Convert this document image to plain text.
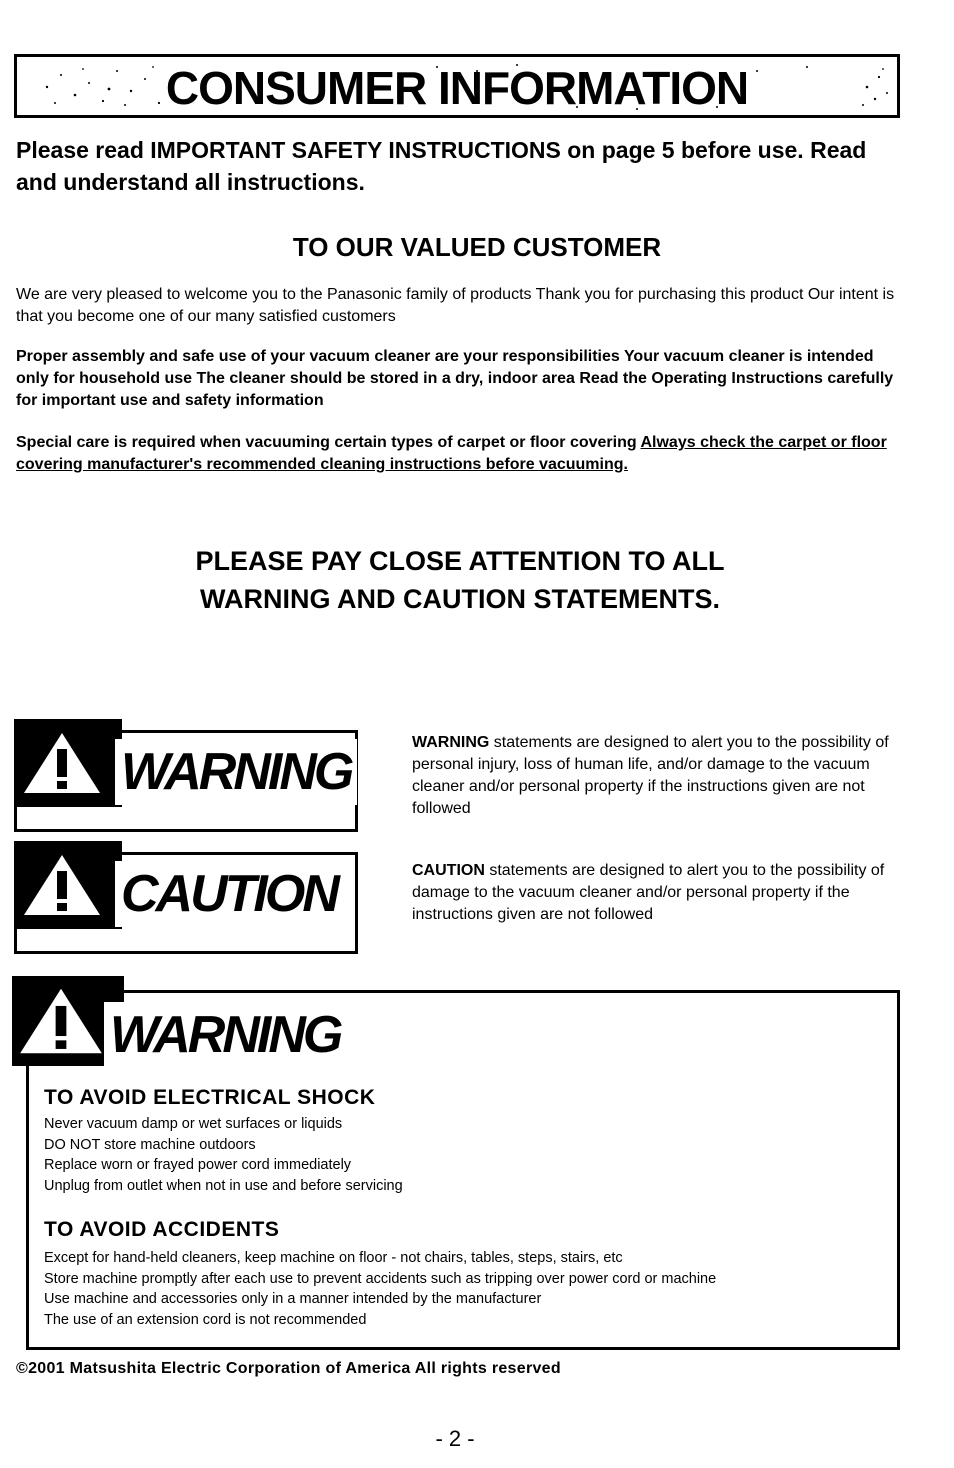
CONSUMER INFORMATION

Please read IMPORTANT SAFETY INSTRUCTIONS on page 5 before use. Read and understand all instructions.

TO OUR VALUED CUSTOMER

We are very pleased to welcome you to the Panasonic family of products Thank you for purchasing this product Our intent is that you become one of our many satisfied customers

Proper assembly and safe use of your vacuum cleaner are your responsibilities Your vacuum cleaner is intended only for household use The cleaner should be stored in a dry, indoor area Read the Operating Instructions carefully for important use and safety information

Special care is required when vacuuming certain types of carpet or floor covering Always check the carpet or floor covering manufacturer's recommended cleaning instructions before vacuuming.

PLEASE PAY CLOSE ATTENTION TO ALL
WARNING AND CAUTION STATEMENTS.
WARNING

WARNING statements are designed to alert you to the possibility of personal injury, loss of human life, and/or damage to the vacuum cleaner and/or personal property if the instructions given are not followed

CAUTION	CAUTION statements are designed to alert you to the possibility of damage to the vacuum cleaner and/or personal property if the instructions given are not followed

WARNING
TO AVOID ELECTRICAL SHOCK
Never vacuum damp or wet surfaces or liquids
DO NOT store machine outdoors
Replace worn or frayed power cord immediately
Unplug from outlet when not in use and before servicing
TO AVOID ACCIDENTS
Except for hand-held cleaners, keep machine on floor - not chairs, tables, steps, stairs, etc
Store machine promptly after each use to prevent accidents such as tripping over power cord or machine
Use machine and accessories only in a manner intended by the manufacturer
The use of an extension cord is not recommended

©2001 Matsushita Electric Corporation of America All rights reserved

- 2 -
